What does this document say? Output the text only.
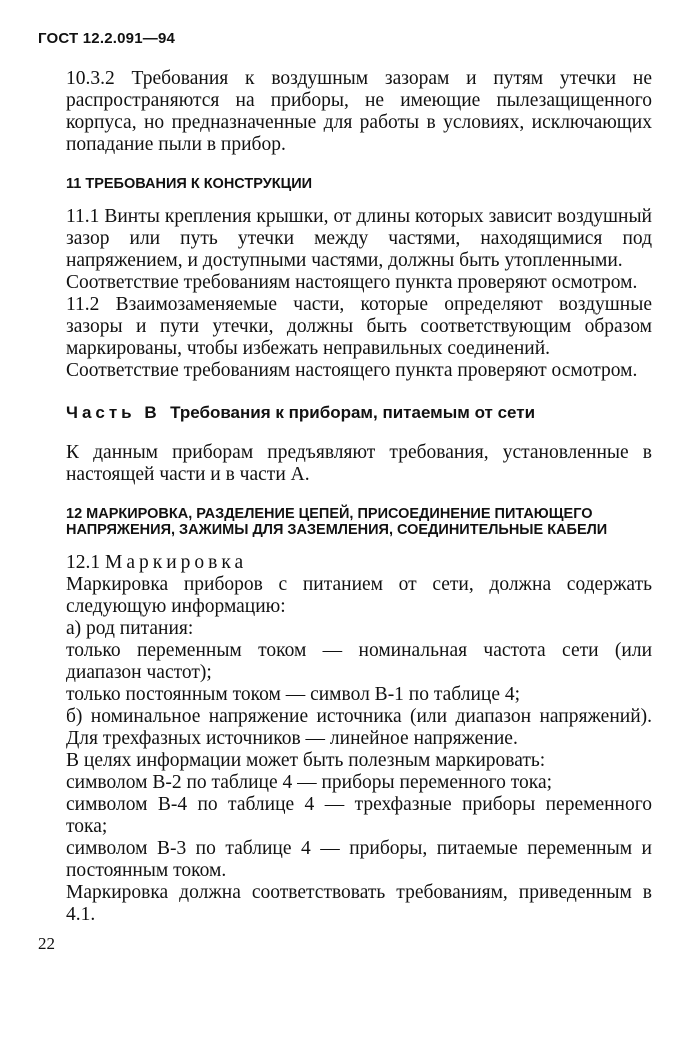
ГОСТ 12.2.091—94

10.3.2 Требования к воздушным зазорам и путям утечки не распространяются на приборы, не имеющие пылезащищенного корпуса, но предназначенные для работы в условиях, исключающих попадание пыли в прибор.

11 ТРЕБОВАНИЯ К КОНСТРУКЦИИ

11.1 Винты крепления крышки, от длины которых зависит воздушный зазор или путь утечки между частями, находящимися под напряжением, и доступными частями, должны быть утопленными.

Соответствие требованиям настоящего пункта проверяют осмотром.

11.2 Взаимозаменяемые части, которые определяют воздушные зазоры и пути утечки, должны быть соответствующим образом маркированы, чтобы избежать неправильных соединений.

Соответствие требованиям настоящего пункта проверяют осмотром.

Часть В Требования к приборам, питаемым от сети

К данным приборам предъявляют требования, установленные в настоящей части и в части А.

12 МАРКИРОВКА, РАЗДЕЛЕНИЕ ЦЕПЕЙ, ПРИСОЕДИНЕНИЕ ПИТАЮЩЕГО НАПРЯЖЕНИЯ, ЗАЖИМЫ ДЛЯ ЗАЗЕМЛЕНИЯ, СОЕДИНИТЕЛЬНЫЕ КАБЕЛИ

12.1 Маркировка

Маркировка приборов с питанием от сети, должна содержать следующую информацию:

а) род питания:

только переменным током — номинальная частота сети (или диапазон частот);

только постоянным током — символ В-1 по таблице 4;

б) номинальное напряжение источника (или диапазон напряжений). Для трехфазных источников — линейное напряжение.

В целях информации может быть полезным маркировать:

символом В-2 по таблице 4 — приборы переменного тока;

символом В-4 по таблице 4 — трехфазные приборы переменного тока;

символом В-3 по таблице 4 — приборы, питаемые переменным и постоянным током.

Маркировка должна соответствовать требованиям, приведенным в 4.1.

22
